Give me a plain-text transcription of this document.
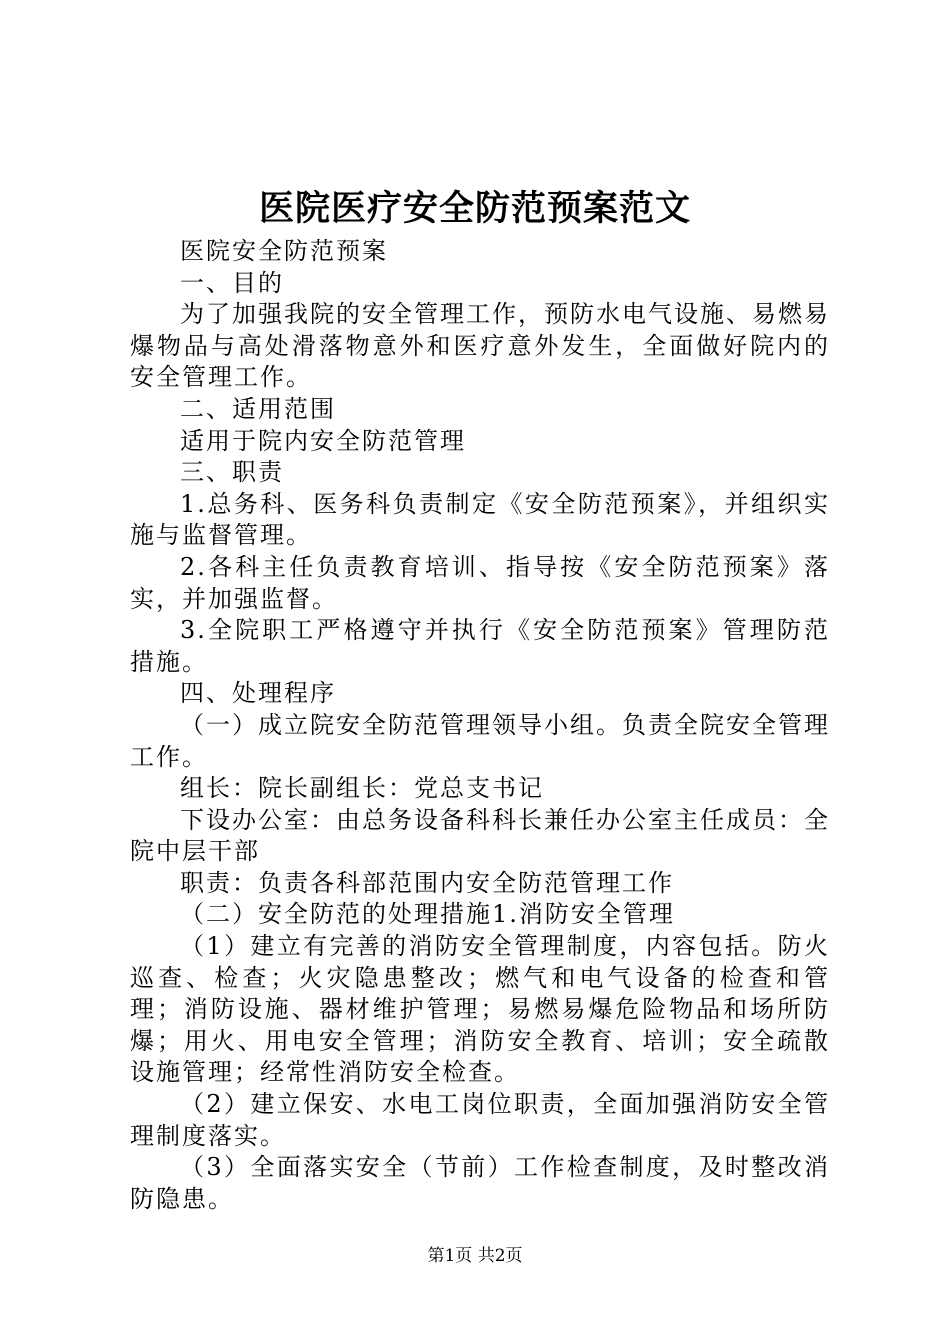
医院医疗安全防范预案范文

医院安全防范预案

一、目的

为了加强我院的安全管理工作，预防水电气设施、易燃易爆物品与高处滑落物意外和医疗意外发生，全面做好院内的安全管理工作。

二、适用范围

适用于院内安全防范管理

三、职责

1.总务科、医务科负责制定《安全防范预案》，并组织实施与监督管理。

2.各科主任负责教育培训、指导按《安全防范预案》落实，并加强监督。

3.全院职工严格遵守并执行《安全防范预案》管理防范措施。

四、处理程序

（一）成立院安全防范管理领导小组。负责全院安全管理工作。

组长：院长副组长：党总支书记

下设办公室：由总务设备科科长兼任办公室主任成员：全院中层干部

职责：负责各科部范围内安全防范管理工作

（二）安全防范的处理措施1.消防安全管理

（1）建立有完善的消防安全管理制度，内容包括。防火巡查、检查；火灾隐患整改；燃气和电气设备的检查和管理；消防设施、器材维护管理；易燃易爆危险物品和场所防爆；用火、用电安全管理；消防安全教育、培训；安全疏散设施管理；经常性消防安全检查。

（2）建立保安、水电工岗位职责，全面加强消防安全管理制度落实。

（3）全面落实安全（节前）工作检查制度，及时整改消防隐患。

第1页 共2页
